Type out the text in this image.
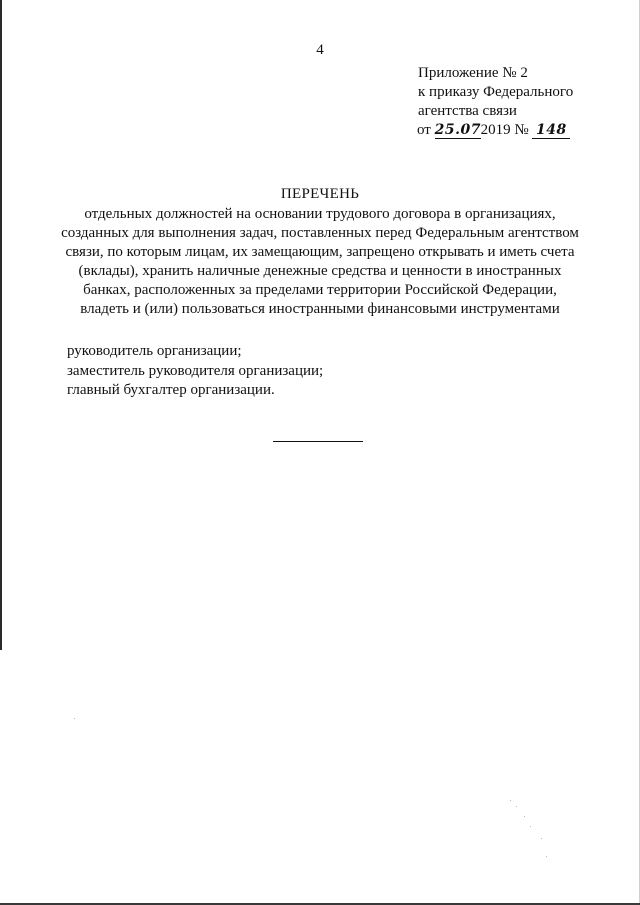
4
Приложение № 2
к приказу Федерального
агентства связи
от 25.072019 № 148
ПЕРЕЧЕНЬ
отдельных должностей на основании трудового договора в организациях, созданных для выполнения задач, поставленных перед Федеральным агентством связи, по которым лицам, их замещающим, запрещено открывать и иметь счета (вклады), хранить наличные денежные средства и ценности в иностранных банках, расположенных за пределами территории Российской Федерации, владеть и (или) пользоваться иностранными финансовыми инструментами
руководитель организации;
заместитель руководителя организации;
главный бухгалтер организации.
